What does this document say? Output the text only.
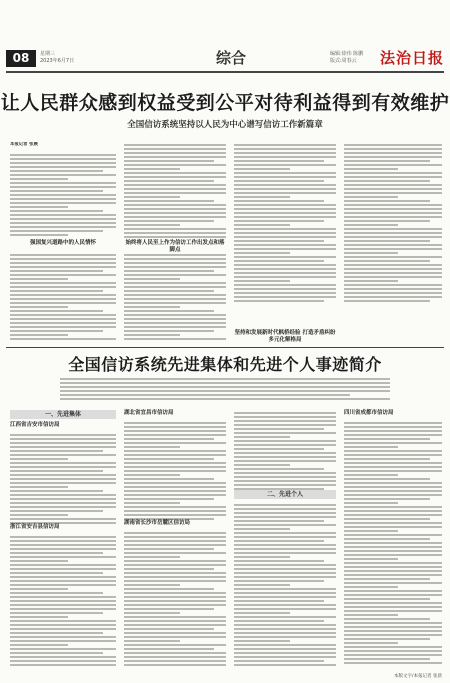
08	星期三
2023年6月7日	综合	编辑:徐伟 陈鹏
版式:周春云 法治日报
让人民群众感到权益受到公平对待利益得到有效维护
全国信访系统坚持以人民为中心谱写信访工作新篇章
本报记者 张晨
强国复兴道路中的人民情怀	始终将人民至上作为信访工作出发点和落脚点
坚持和发展新时代枫桥经验 打造矛盾纠纷多元化解格局
全国信访系统先进集体和先进个人事迹简介
一、先进集体
江西省吉安市信访局
浙江省安吉县信访局
湖北省宜昌市信访局
湖南省长沙市岳麓区信访局
二、先进个人
四川省成都市信访局
本版文字/本报记者 张晨
